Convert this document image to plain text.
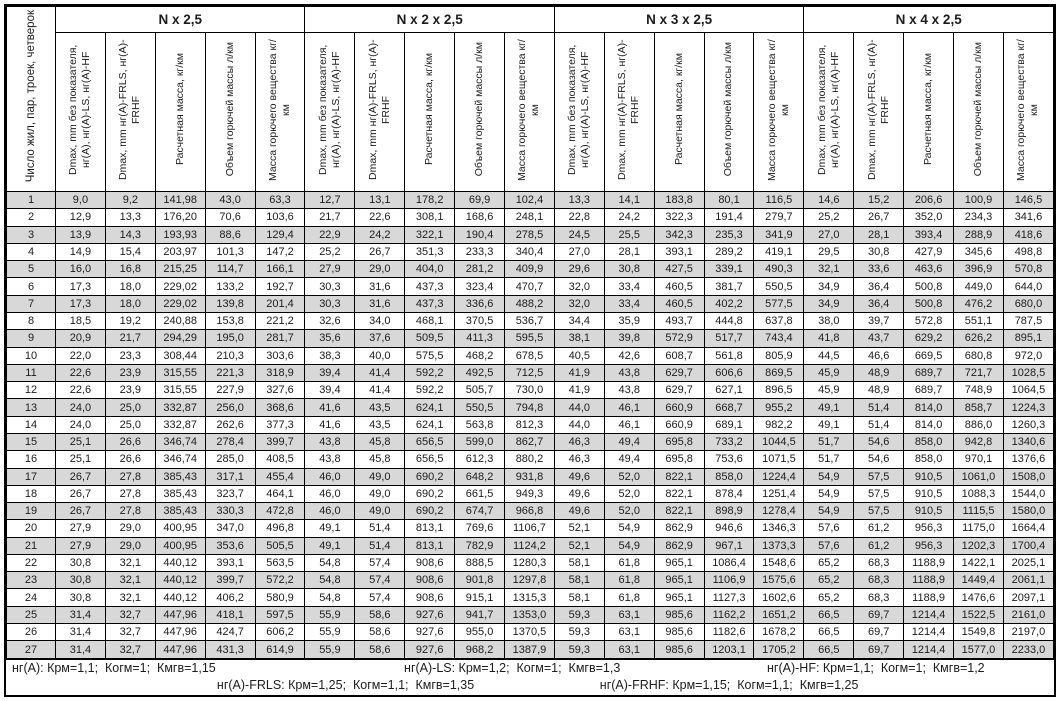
Число жил, пар, троек, четверок	N x 2,5					N x 2 x 2,5					N x 3 x 2,5					N x 4 x 2,5				
	Dmax, mm без показателя, нг(А), нг(А)-LS, нг(А)-HF	Dmax, mm нг(А)-FRLS, нг(А)-FRHF	Расчетная масса, кг/км	Объем горючей массы л/км	Масса горючего вещества кг/км	Dmax, mm без показателя, нг(А), нг(А)-LS, нг(А)-HF	Dmax, mm нг(А)-FRLS, нг(А)-FRHF	Расчетная масса, кг/км	Объем горючей массы л/км	Масса горючего вещества кг/км	Dmax, mm без показателя, нг(А), нг(А)-LS, нг(А)-HF	Dmax, mm нг(А)-FRLS, нг(А)-FRHF	Расчетная масса, кг/км	Объем горючей массы л/км	Масса горючего вещества кг/км	Dmax, mm без показателя, нг(А), нг(А)-LS, нг(А)-HF	Dmax, mm нг(А)-FRLS, нг(А)-FRHF	Расчетная масса, кг/км	Объем горючей массы л/км	Масса горючего вещества кг/км
1	9,0	9,2	141,98	43,0	63,3	12,7	13,1	178,2	69,9	102,4	13,3	14,1	183,8	80,1	116,5	14,6	15,2	206,6	100,9	146,5
2	12,9	13,3	176,20	70,6	103,6	21,7	22,6	308,1	168,6	248,1	22,8	24,2	322,3	191,4	279,7	25,2	26,7	352,0	234,3	341,6
3	13,9	14,3	193,93	88,6	129,4	22,9	24,2	322,1	190,4	278,5	24,5	25,5	342,3	235,3	341,9	27,0	28,1	393,4	288,9	418,6
4	14,9	15,4	203,97	101,3	147,2	25,2	26,7	351,3	233,3	340,4	27,0	28,1	393,1	289,2	419,1	29,5	30,8	427,9	345,6	498,8
5	16,0	16,8	215,25	114,7	166,1	27,9	29,0	404,0	281,2	409,9	29,6	30,8	427,5	339,1	490,3	32,1	33,6	463,6	396,9	570,8
6	17,3	18,0	229,02	133,2	192,7	30,3	31,6	437,3	323,4	470,7	32,0	33,4	460,5	381,7	550,5	34,9	36,4	500,8	449,0	644,0
7	17,3	18,0	229,02	139,8	201,4	30,3	31,6	437,3	336,6	488,2	32,0	33,4	460,5	402,2	577,5	34,9	36,4	500,8	476,2	680,0
8	18,5	19,2	240,88	153,8	221,2	32,6	34,0	468,1	370,5	536,7	34,4	35,9	493,7	444,8	637,8	38,0	39,7	572,8	551,1	787,5
9	20,9	21,7	294,29	195,0	281,7	35,6	37,6	509,5	411,3	595,5	38,1	39,8	572,9	517,7	743,4	41,8	43,7	629,2	626,2	895,1
10	22,0	23,3	308,44	210,3	303,6	38,3	40,0	575,5	468,2	678,5	40,5	42,6	608,7	561,8	805,9	44,5	46,6	669,5	680,8	972,0
11	22,6	23,9	315,55	221,3	318,9	39,4	41,4	592,2	492,5	712,5	41,9	43,8	629,7	606,6	869,5	45,9	48,9	689,7	721,7	1028,5
12	22,6	23,9	315,55	227,9	327,6	39,4	41,4	592,2	505,7	730,0	41,9	43,8	629,7	627,1	896,5	45,9	48,9	689,7	748,9	1064,5
13	24,0	25,0	332,87	256,0	368,6	41,6	43,5	624,1	550,5	794,8	44,0	46,1	660,9	668,7	955,2	49,1	51,4	814,0	858,7	1224,3
14	24,0	25,0	332,87	262,6	377,3	41,6	43,5	624,1	563,8	812,3	44,0	46,1	660,9	689,1	982,2	49,1	51,4	814,0	886,0	1260,3
15	25,1	26,6	346,74	278,4	399,7	43,8	45,8	656,5	599,0	862,7	46,3	49,4	695,8	733,2	1044,5	51,7	54,6	858,0	942,8	1340,6
16	25,1	26,6	346,74	285,0	408,5	43,8	45,8	656,5	612,3	880,2	46,3	49,4	695,8	753,6	1071,5	51,7	54,6	858,0	970,1	1376,6
17	26,7	27,8	385,43	317,1	455,4	46,0	49,0	690,2	648,2	931,8	49,6	52,0	822,1	858,0	1224,4	54,9	57,5	910,5	1061,0	1508,0
18	26,7	27,8	385,43	323,7	464,1	46,0	49,0	690,2	661,5	949,3	49,6	52,0	822,1	878,4	1251,4	54,9	57,5	910,5	1088,3	1544,0
19	26,7	27,8	385,43	330,3	472,8	46,0	49,0	690,2	674,7	966,8	49,6	52,0	822,1	898,9	1278,4	54,9	57,5	910,5	1115,5	1580,0
20	27,9	29,0	400,95	347,0	496,8	49,1	51,4	813,1	769,6	1106,7	52,1	54,9	862,9	946,6	1346,3	57,6	61,2	956,3	1175,0	1664,4
21	27,9	29,0	400,95	353,6	505,5	49,1	51,4	813,1	782,9	1124,2	52,1	54,9	862,9	967,1	1373,3	57,6	61,2	956,3	1202,3	1700,4
22	30,8	32,1	440,12	393,1	563,5	54,8	57,4	908,6	888,5	1280,3	58,1	61,8	965,1	1086,4	1548,6	65,2	68,3	1188,9	1422,1	2025,1
23	30,8	32,1	440,12	399,7	572,2	54,8	57,4	908,6	901,8	1297,8	58,1	61,8	965,1	1106,9	1575,6	65,2	68,3	1188,9	1449,4	2061,1
24	30,8	32,1	440,12	406,2	580,9	54,8	57,4	908,6	915,1	1315,3	58,1	61,8	965,1	1127,3	1602,6	65,2	68,3	1188,9	1476,6	2097,1
25	31,4	32,7	447,96	418,1	597,5	55,9	58,6	927,6	941,7	1353,0	59,3	63,1	985,6	1162,2	1651,2	66,5	69,7	1214,4	1522,5	2161,0
26	31,4	32,7	447,96	424,7	606,2	55,9	58,6	927,6	955,0	1370,5	59,3	63,1	985,6	1182,6	1678,2	66,5	69,7	1214,4	1549,8	2197,0
27	31,4	32,7	447,96	431,3	614,9	55,9	58,6	927,6	968,2	1387,9	59,3	63,1	985,6	1203,1	1705,2	66,5	69,7	1214,4	1577,0	2233,0
нг(А): Крм=1,1;  Когм=1;  Кмгв=1,15	нг(А)-LS: Крм=1,2;  Когм=1;  Кмгв=1,3	нг(А)-HF: Крм=1,1;  Когм=1;  Кмгв=1,2
нг(А)-FRLS: Крм=1,25;  Когм=1,1;  Кмгв=1,35	нг(А)-FRHF: Крм=1,15;  Когм=1,1;  Кмгв=1,25
